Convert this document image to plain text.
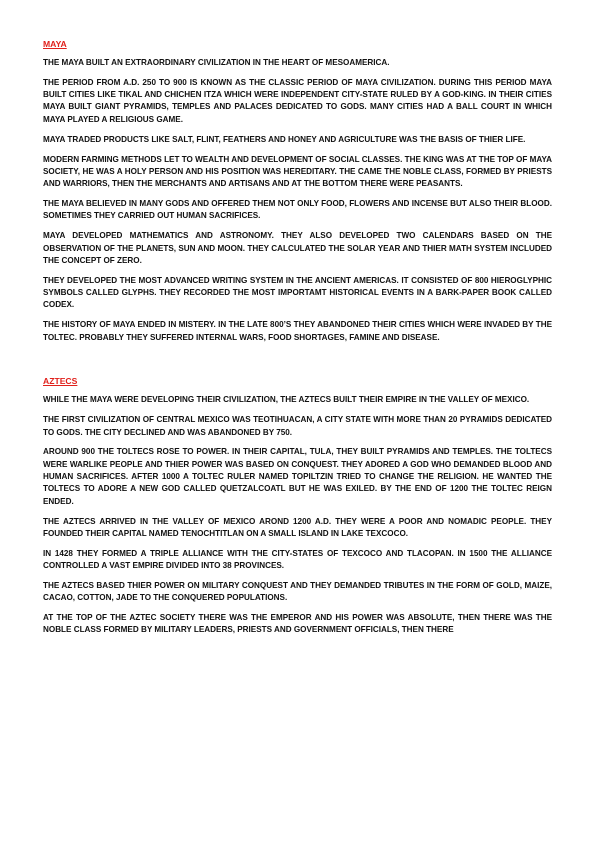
MAYA

THE MAYA BUILT AN EXTRAORDINARY CIVILIZATION IN THE HEART OF MESOAMERICA.

THE PERIOD FROM A.D. 250 TO 900 IS KNOWN AS THE CLASSIC PERIOD OF MAYA CIVILIZATION. DURING THIS PERIOD MAYA BUILT CITIES LIKE TIKAL AND CHICHEN ITZA WHICH WERE INDEPENDENT CITY-STATE RULED BY A GOD-KING. IN THEIR CITIES MAYA BUILT GIANT PYRAMIDS, TEMPLES AND PALACES DEDICATED TO GODS. MANY CITIES HAD A BALL COURT IN WHICH MAYA PLAYED A RELIGIOUS GAME.

MAYA TRADED PRODUCTS LIKE SALT, FLINT, FEATHERS AND HONEY AND AGRICULTURE WAS THE BASIS OF THIER LIFE.

MODERN FARMING METHODS LET TO WEALTH AND DEVELOPMENT OF SOCIAL CLASSES. THE KING WAS AT THE TOP OF MAYA SOCIETY, HE WAS A HOLY PERSON AND HIS POSITION WAS HEREDITARY. THE CAME THE NOBLE CLASS, FORMED BY PRIESTS AND WARRIORS, THEN THE MERCHANTS AND ARTISANS AND AT THE BOTTOM THERE WERE PEASANTS.

THE MAYA BELIEVED IN MANY GODS AND OFFERED THEM NOT ONLY FOOD, FLOWERS AND INCENSE BUT ALSO THEIR BLOOD. SOMETIMES THEY CARRIED OUT HUMAN SACRIFICES.

MAYA DEVELOPED MATHEMATICS AND ASTRONOMY. THEY ALSO DEVELOPED TWO CALENDARS BASED ON THE OBSERVATION OF THE PLANETS, SUN AND MOON. THEY CALCULATED THE SOLAR YEAR AND THIER MATH SYSTEM INCLUDED THE CONCEPT OF ZERO.

THEY DEVELOPED THE MOST ADVANCED WRITING SYSTEM IN THE ANCIENT AMERICAS. IT CONSISTED OF 800 HIEROGLYPHIC SYMBOLS CALLED GLYPHS. THEY RECORDED THE MOST IMPORTAMT HISTORICAL EVENTS IN A BARK-PAPER BOOK CALLED CODEX.

THE HISTORY OF MAYA ENDED IN MISTERY. IN THE LATE 800’S THEY ABANDONED THEIR CITIES WHICH WERE INVADED BY THE TOLTEC. PROBABLY THEY SUFFERED INTERNAL WARS, FOOD SHORTAGES, FAMINE AND DISEASE.

AZTECS

WHILE THE MAYA WERE DEVELOPING THEIR CIVILIZATION, THE AZTECS BUILT THEIR EMPIRE IN THE VALLEY OF MEXICO.

THE FIRST CIVILIZATION OF CENTRAL MEXICO WAS TEOTIHUACAN, A CITY STATE WITH MORE THAN 20 PYRAMIDS DEDICATED TO GODS. THE CITY DECLINED AND WAS ABANDONED BY 750.

AROUND 900 THE TOLTECS ROSE TO POWER. IN THEIR CAPITAL, TULA, THEY BUILT PYRAMIDS AND TEMPLES. THE TOLTECS WERE WARLIKE PEOPLE AND THIER POWER WAS BASED ON CONQUEST. THEY ADORED A GOD WHO DEMANDED BLOOD AND HUMAN SACRIFICES. AFTER 1000 A TOLTEC RULER NAMED TOPILTZIN TRIED TO CHANGE THE RELIGION. HE WANTED THE TOLTECS TO ADORE A NEW GOD CALLED QUETZALCOATL BUT HE WAS EXILED. BY THE END OF 1200 THE TOLTEC REIGN ENDED.

THE AZTECS ARRIVED IN THE VALLEY OF MEXICO AROND 1200 A.D. THEY WERE A POOR AND NOMADIC PEOPLE. THEY FOUNDED THEIR CAPITAL NAMED TENOCHTITLAN ON A SMALL ISLAND IN LAKE TEXCOCO.

IN 1428 THEY FORMED A TRIPLE ALLIANCE WITH THE CITY-STATES OF TEXCOCO AND TLACOPAN. IN 1500 THE ALLIANCE CONTROLLED A VAST EMPIRE DIVIDED INTO 38 PROVINCES.

THE AZTECS BASED THIER POWER ON MILITARY CONQUEST AND THEY DEMANDED TRIBUTES IN THE FORM OF GOLD, MAIZE, CACAO, COTTON, JADE TO THE CONQUERED POPULATIONS.

AT THE TOP OF THE AZTEC SOCIETY THERE WAS THE EMPEROR AND HIS POWER WAS ABSOLUTE, THEN THERE WAS THE NOBLE CLASS FORMED BY MILITARY LEADERS, PRIESTS AND GOVERNMENT OFFICIALS, THEN THERE
